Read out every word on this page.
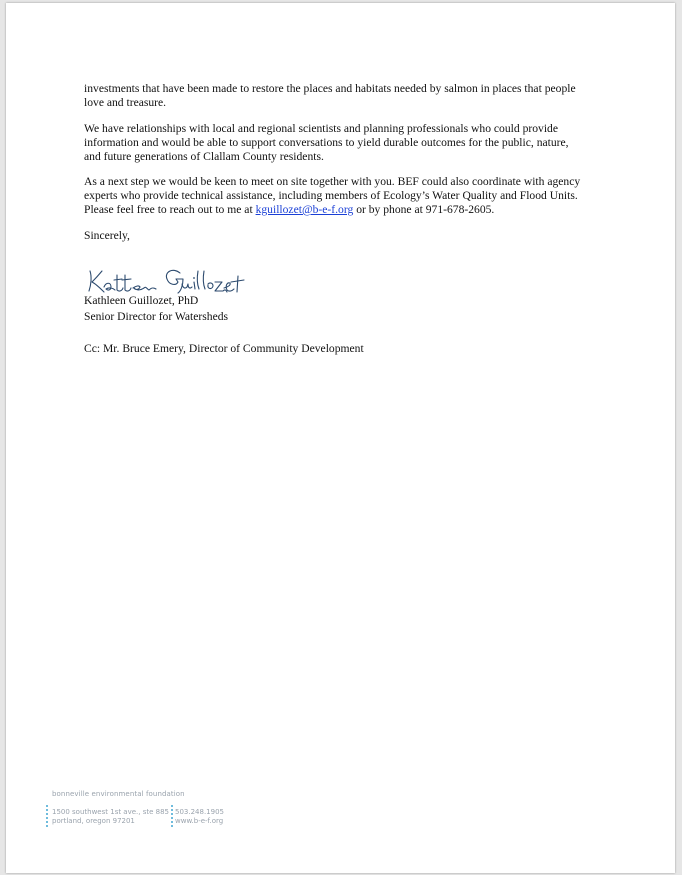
investments that have been made to restore the places and habitats needed by salmon in places that people love and treasure.

We have relationships with local and regional scientists and planning professionals who could provide information and would be able to support conversations to yield durable outcomes for the public, nature, and future generations of Clallam County residents.

As a next step we would be keen to meet on site together with you. BEF could also coordinate with agency experts who provide technical assistance, including members of Ecology’s Water Quality and Flood Units. Please feel free to reach out to me at kguillozet@b-e-f.org or by phone at 971-678-2605.

Sincerely,

Kathleen Guillozet, PhD
Senior Director for Watersheds
Cc: Mr. Bruce Emery, Director of Community Development
bonneville environmental foundation
1500 southwest 1st ave., ste 885
portland, oregon 97201
503.248.1905
www.b-e-f.org
